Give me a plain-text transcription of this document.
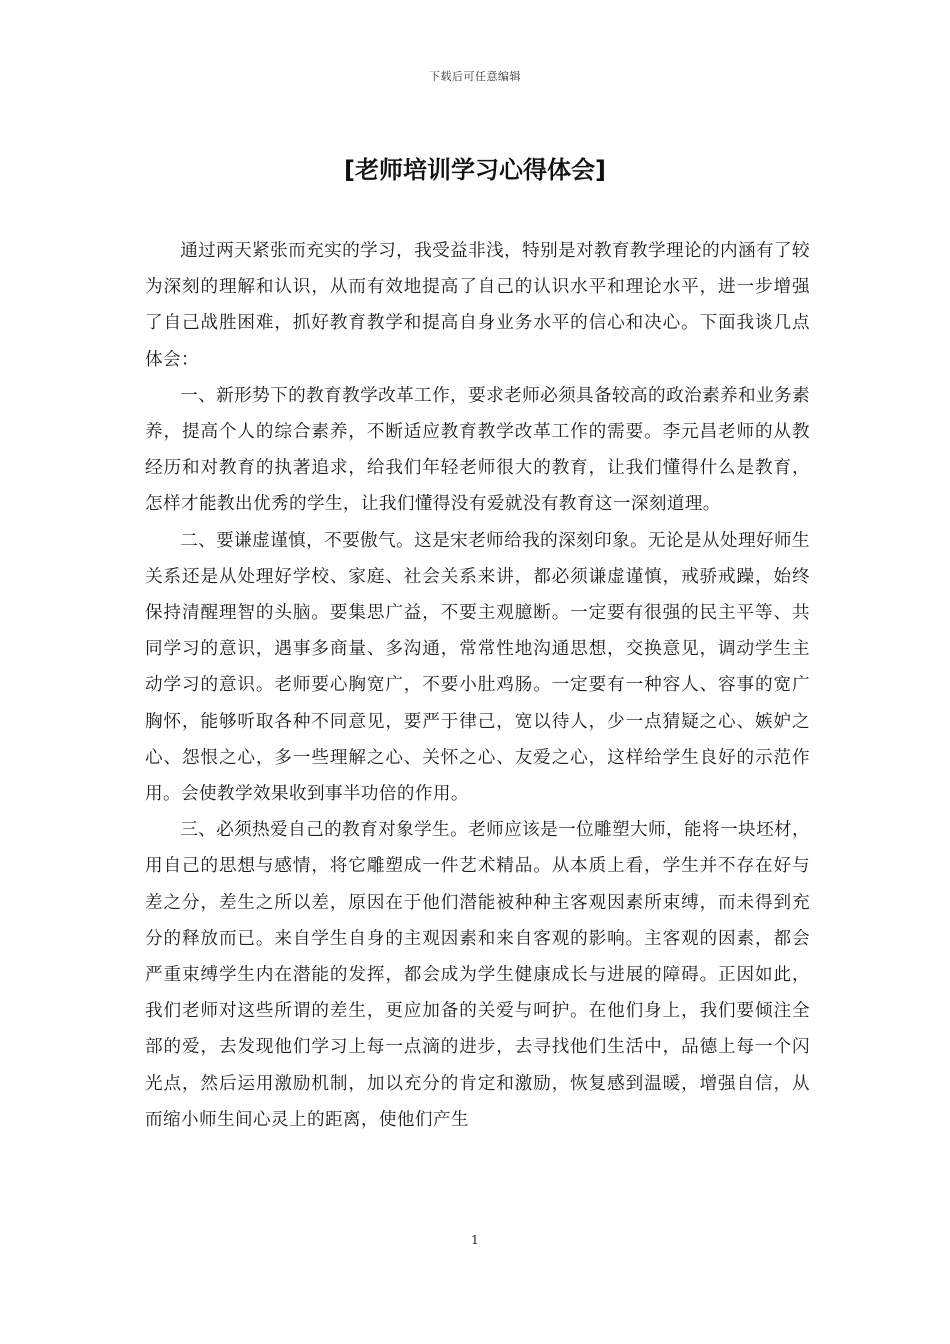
下载后可任意编辑
[老师培训学习心得体会]

通过两天紧张而充实的学习，我受益非浅，特别是对教育教学理论的内涵有了较为深刻的理解和认识，从而有效地提高了自己的认识水平和理论水平，进一步增强了自己战胜困难，抓好教育教学和提高自身业务水平的信心和决心。下面我谈几点体会：

一、新形势下的教育教学改革工作，要求老师必须具备较高的政治素养和业务素养，提高个人的综合素养，不断适应教育教学改革工作的需要。李元昌老师的从教经历和对教育的执著追求，给我们年轻老师很大的教育，让我们懂得什么是教育，怎样才能教出优秀的学生，让我们懂得没有爱就没有教育这一深刻道理。

二、要谦虚谨慎，不要傲气。这是宋老师给我的深刻印象。无论是从处理好师生关系还是从处理好学校、家庭、社会关系来讲，都必须谦虚谨慎，戒骄戒躁，始终保持清醒理智的头脑。要集思广益，不要主观臆断。一定要有很强的民主平等、共同学习的意识，遇事多商量、多沟通，常常性地沟通思想，交换意见，调动学生主动学习的意识。老师要心胸宽广，不要小肚鸡肠。一定要有一种容人、容事的宽广胸怀，能够听取各种不同意见，要严于律己，宽以待人，少一点猜疑之心、嫉妒之心、怨恨之心，多一些理解之心、关怀之心、友爱之心，这样给学生良好的示范作用。会使教学效果收到事半功倍的作用。

三、必须热爱自己的教育对象学生。老师应该是一位雕塑大师，能将一块坯材，用自己的思想与感情，将它雕塑成一件艺术精品。从本质上看，学生并不存在好与差之分，差生之所以差，原因在于他们潜能被种种主客观因素所束缚，而未得到充分的释放而已。来自学生自身的主观因素和来自客观的影响。主客观的因素，都会严重束缚学生内在潜能的发挥，都会成为学生健康成长与进展的障碍。正因如此，我们老师对这些所谓的差生，更应加备的关爱与呵护。在他们身上，我们要倾注全部的爱，去发现他们学习上每一点滴的进步，去寻找他们生活中，品德上每一个闪光点，然后运用激励机制，加以充分的肯定和激励，恢复感到温暖，增强自信，从而缩小师生间心灵上的距离，使他们产生

1
